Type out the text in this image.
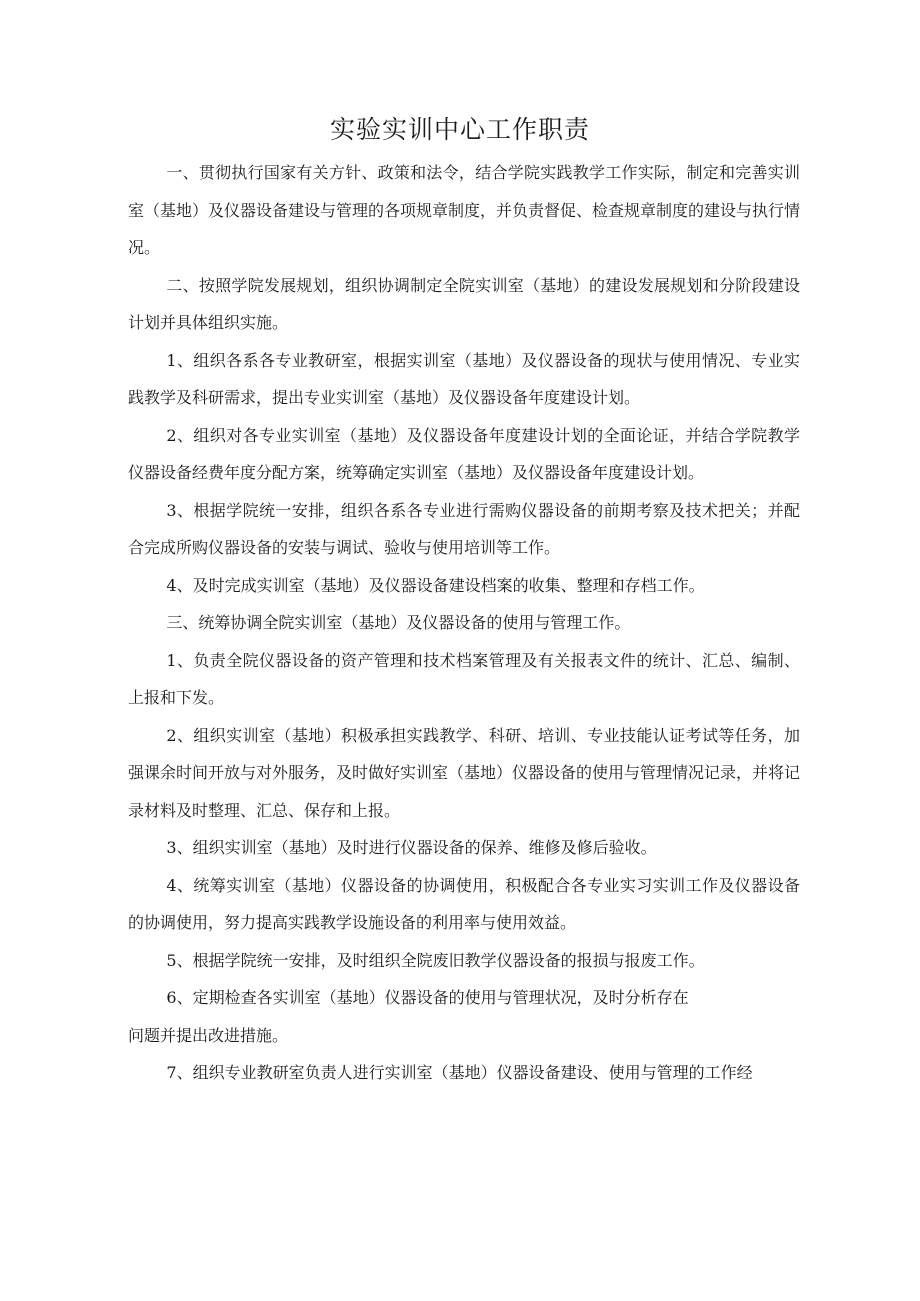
实验实训中心工作职责

一、贯彻执行国家有关方针、政策和法令，结合学院实践教学工作实际，制定和完善实训室（基地）及仪器设备建设与管理的各项规章制度，并负责督促、检查规章制度的建设与执行情况。

二、按照学院发展规划，组织协调制定全院实训室（基地）的建设发展规划和分阶段建设计划并具体组织实施。

1、组织各系各专业教研室，根据实训室（基地）及仪器设备的现状与使用情况、专业实践教学及科研需求，提出专业实训室（基地）及仪器设备年度建设计划。

2、组织对各专业实训室（基地）及仪器设备年度建设计划的全面论证，并结合学院教学仪器设备经费年度分配方案，统筹确定实训室（基地）及仪器设备年度建设计划。

3、根据学院统一安排，组织各系各专业进行需购仪器设备的前期考察及技术把关；并配合完成所购仪器设备的安装与调试、验收与使用培训等工作。

4、及时完成实训室（基地）及仪器设备建设档案的收集、整理和存档工作。

三、统筹协调全院实训室（基地）及仪器设备的使用与管理工作。

1、负责全院仪器设备的资产管理和技术档案管理及有关报表文件的统计、汇总、编制、上报和下发。

2、组织实训室（基地）积极承担实践教学、科研、培训、专业技能认证考试等任务，加强课余时间开放与对外服务，及时做好实训室（基地）仪器设备的使用与管理情况记录，并将记录材料及时整理、汇总、保存和上报。

3、组织实训室（基地）及时进行仪器设备的保养、维修及修后验收。

4、统筹实训室（基地）仪器设备的协调使用，积极配合各专业实习实训工作及仪器设备的协调使用，努力提高实践教学设施设备的利用率与使用效益。

5、根据学院统一安排，及时组织全院废旧教学仪器设备的报损与报废工作。

6、定期检查各实训室（基地）仪器设备的使用与管理状况，及时分析存在

问题并提出改进措施。

7、组织专业教研室负责人进行实训室（基地）仪器设备建设、使用与管理的工作经
